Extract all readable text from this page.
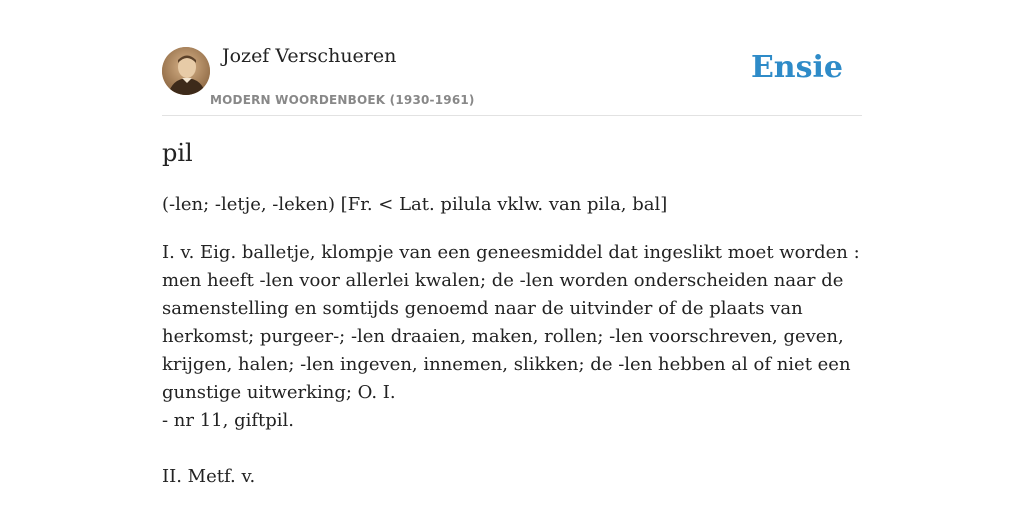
Jozef Verschueren
MODERN WOORDENBOEK (1930-1961)
Ensie
pil
(-len; -letje, -leken) [Fr. < Lat. pilula vklw. van pila, bal]
I. v. Eig. balletje, klompje van een geneesmiddel dat ingeslikt moet worden : men heeft -len voor allerlei kwalen; de -len worden onderscheiden naar de samenstelling en somtijds genoemd naar de uitvinder of de plaats van herkomst; purgeer-; -len draaien, maken, rollen; -len voorschreven, geven, krijgen, halen; -len ingeven, innemen, slikken; de -len hebben al of niet een gunstige uitwerking; O. I.
- nr 11, giftpil.

II. Metf. v.
